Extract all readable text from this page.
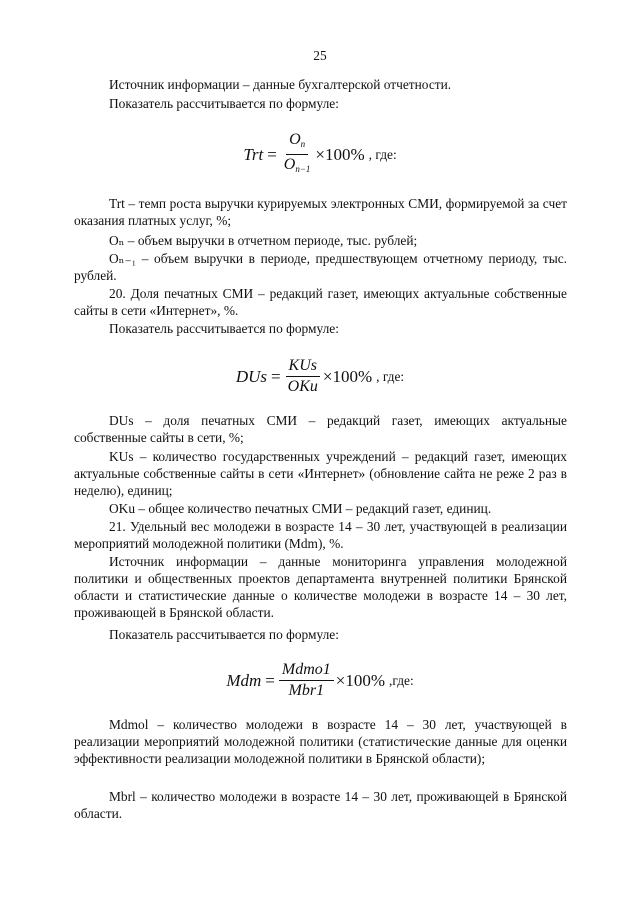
25

Источник информации – данные бухгалтерской отчетности.

Показатель рассчитывается по формуле:

Trt = $\frac{O_n}{O_{n-1}} \times 100\%$ , где:

Trt – темп роста выручки курируемых электронных СМИ, формируемой за счет оказания платных услуг, %;

Оₙ – объем выручки в отчетном периоде, тыс. рублей;

Оₙ₋₁ – объем выручки в периоде, предшествующем отчетному периоду, тыс. рублей.

20. Доля печатных СМИ – редакций газет, имеющих актуальные собственные сайты в сети «Интернет», %.

Показатель рассчитывается по формуле:

DUs = $\frac{\text{KUs}}{\text{OKu}} \times 100\%$ , где:

DUs – доля печатных СМИ – редакций газет, имеющих актуальные собственные сайты в сети, %;

KUs – количество государственных учреждений – редакций газет, имеющих актуальные собственные сайты в сети «Интернет» (обновление сайта не реже 2 раз в неделю), единиц;

OKu – общее количество печатных СМИ – редакций газет, единиц.

21. Удельный вес молодежи в возрасте 14 – 30 лет, участвующей в реализации мероприятий молодежной политики (Mdm), %.

Источник информации – данные мониторинга управления молодежной политики и общественных проектов департамента внутренней политики Брянской области и статистические данные о количестве молодежи в возрасте 14 – 30 лет, проживающей в Брянской области.

Показатель рассчитывается по формуле:

Mdm = $\frac{\text{Mdmo1}}{\text{Mbr1}} \times 100\%$ ,где:

Mdmol – количество молодежи в возрасте 14 – 30 лет, участвующей в реализации мероприятий молодежной политики (статистические данные для оценки эффективности реализации молодежной политики в Брянской области);

Mbrl – количество молодежи в возрасте 14 – 30 лет, проживающей в Брянской области.
